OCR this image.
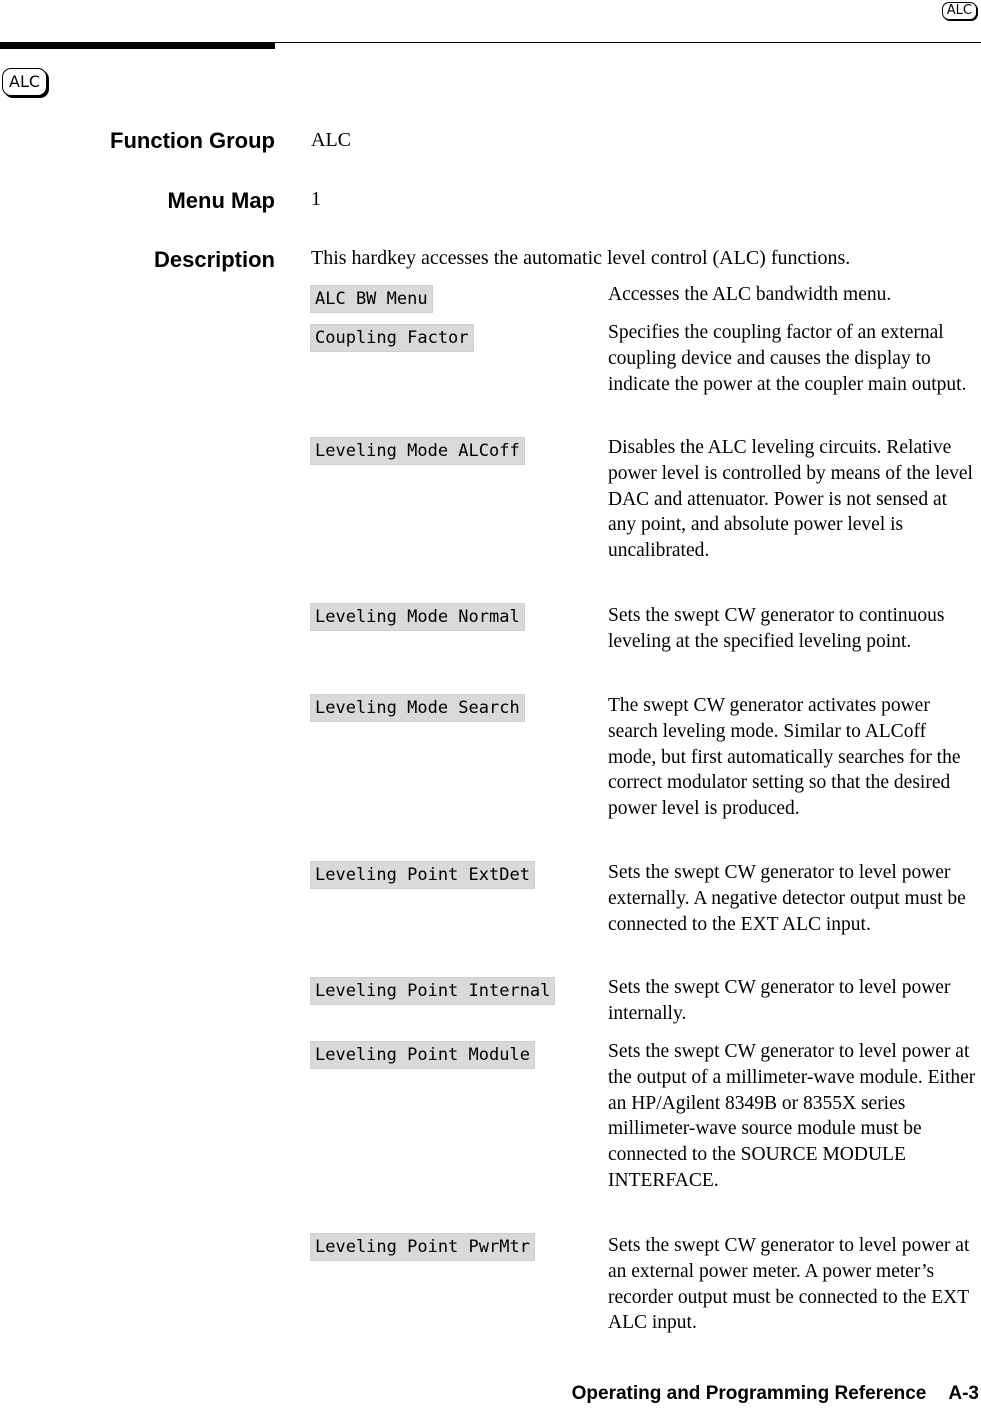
ALC
ALC
Function Group ALC
Menu Map 1
Description This hardkey accesses the automatic level control (ALC) functions.
ALC BW Menu	Accesses the ALC bandwidth menu.
Coupling Factor	Specifies the coupling factor of an external coupling device and causes the display to indicate the power at the coupler main output.
Leveling Mode ALCoff	Disables the ALC leveling circuits. Relative power level is controlled by means of the level DAC and attenuator. Power is not sensed at any point, and absolute power level is uncalibrated.
Leveling Mode Normal	Sets the swept CW generator to continuous leveling at the specified leveling point.
Leveling Mode Search	The swept CW generator activates power search leveling mode. Similar to ALCoff mode, but first automatically searches for the correct modulator setting so that the desired power level is produced.
Leveling Point ExtDet	Sets the swept CW generator to level power externally. A negative detector output must be connected to the EXT ALC input.
Leveling Point Internal	Sets the swept CW generator to level power internally.
Leveling Point Module	Sets the swept CW generator to level power at the output of a millimeter-wave module. Either an HP/Agilent 8349B or 8355X series millimeter-wave source module must be connected to the SOURCE MODULE INTERFACE.
Leveling Point PwrMtr	Sets the swept CW generator to level power at an external power meter. A power meter’s recorder output must be connected to the EXT ALC input.
Operating and Programming Reference A-3
